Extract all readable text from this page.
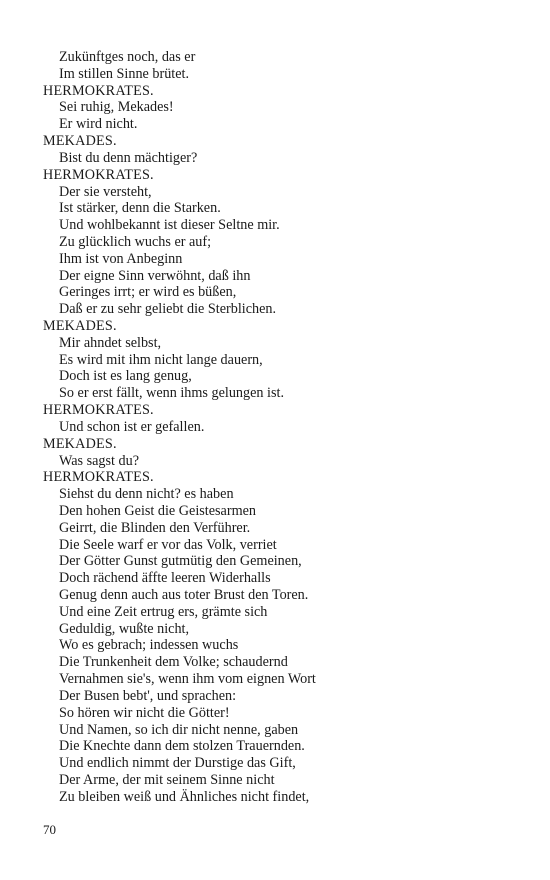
Zukünftges noch, das er
Im stillen Sinne brütet.
HERMOKRATES.
Sei ruhig, Mekades!
Er wird nicht.
MEKADES.
Bist du denn mächtiger?
HERMOKRATES.
Der sie versteht,
Ist stärker, denn die Starken.
Und wohlbekannt ist dieser Seltne mir.
Zu glücklich wuchs er auf;
Ihm ist von Anbeginn
Der eigne Sinn verwöhnt, daß ihn
Geringes irrt; er wird es büßen,
Daß er zu sehr geliebt die Sterblichen.
MEKADES.
Mir ahndet selbst,
Es wird mit ihm nicht lange dauern,
Doch ist es lang genug,
So er erst fällt, wenn ihms gelungen ist.
HERMOKRATES.
Und schon ist er gefallen.
MEKADES.
Was sagst du?
HERMOKRATES.
Siehst du denn nicht? es haben
Den hohen Geist die Geistesarmen
Geirrt, die Blinden den Verführer.
Die Seele warf er vor das Volk, verriet
Der Götter Gunst gutmütig den Gemeinen,
Doch rächend äffte leeren Widerhalls
Genug denn auch aus toter Brust den Toren.
Und eine Zeit ertrug ers, grämte sich
Geduldig, wußte nicht,
Wo es gebrach; indessen wuchs
Die Trunkenheit dem Volke; schaudernd
Vernahmen sie's, wenn ihm vom eignen Wort
Der Busen bebt', und sprachen:
So hören wir nicht die Götter!
Und Namen, so ich dir nicht nenne, gaben
Die Knechte dann dem stolzen Trauernden.
Und endlich nimmt der Durstige das Gift,
Der Arme, der mit seinem Sinne nicht
Zu bleiben weiß und Ähnliches nicht findet,
70
